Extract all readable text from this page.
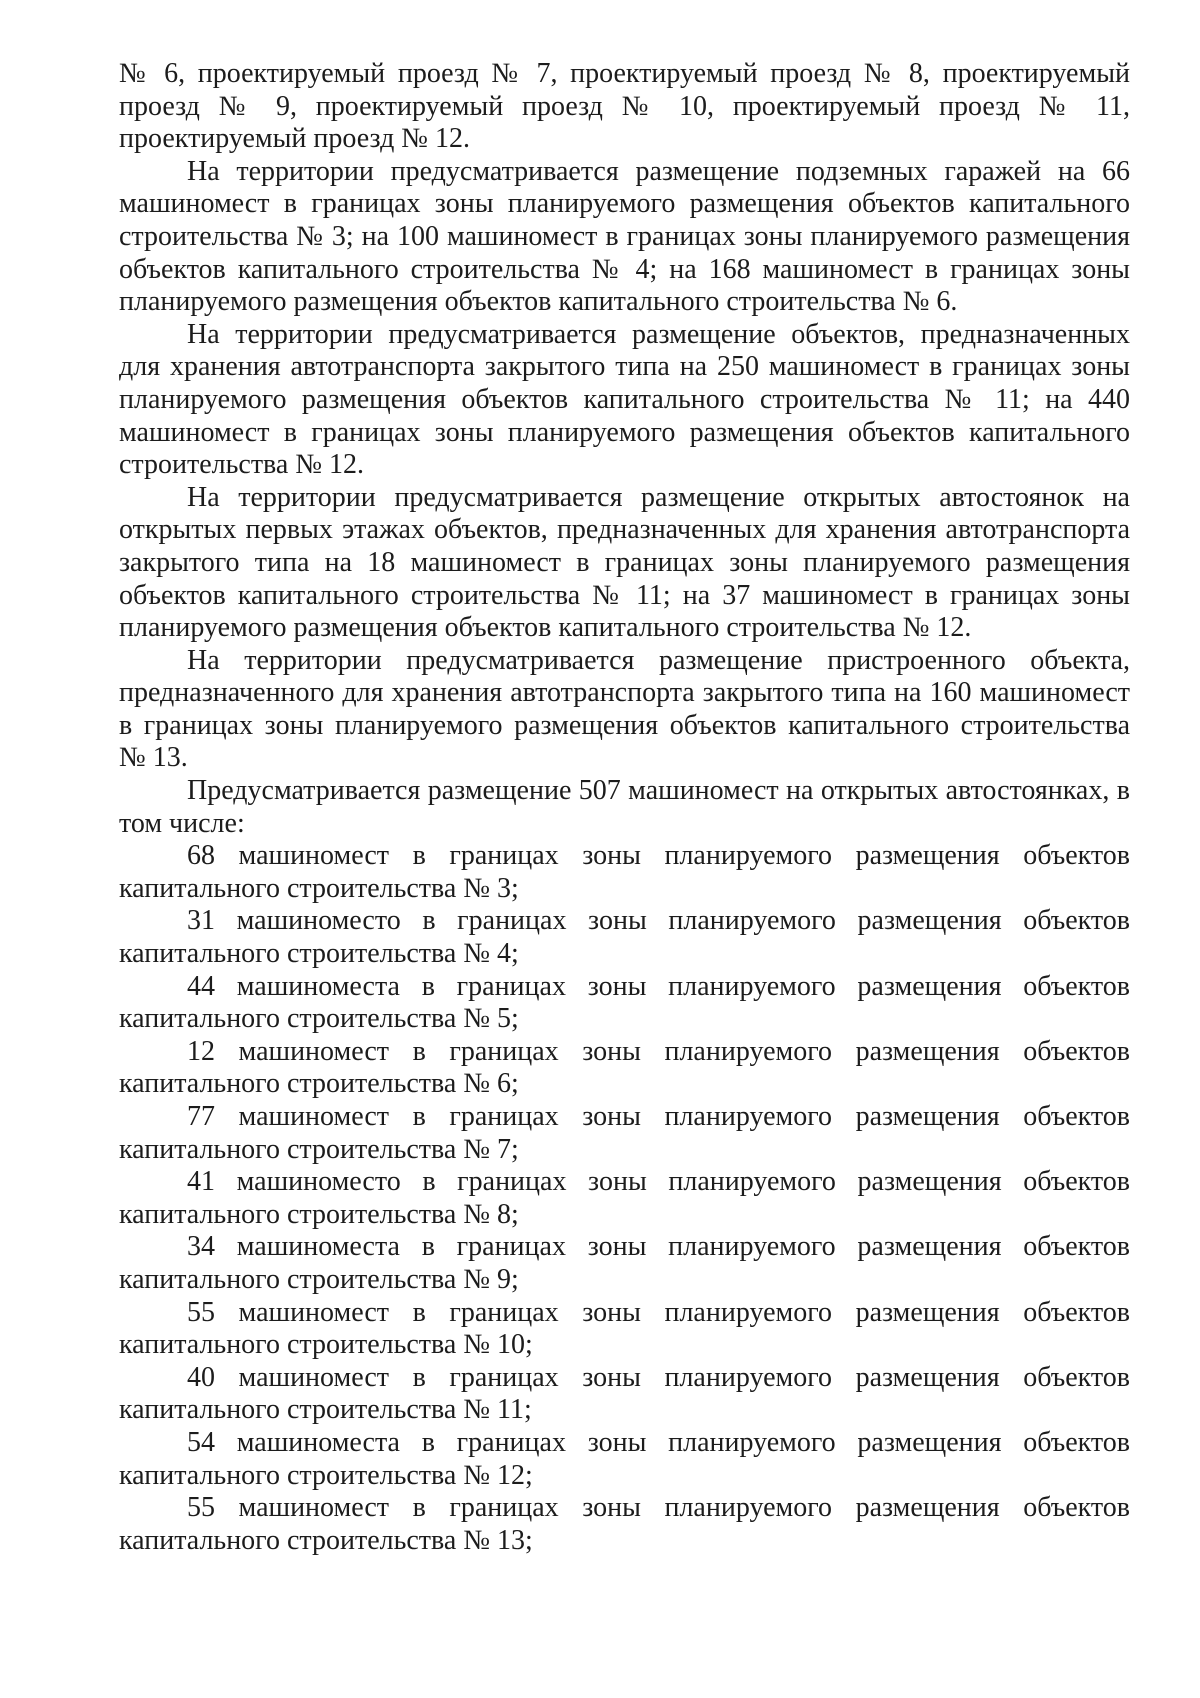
№ 6, проектируемый проезд № 7, проектируемый проезд № 8, проектируемый проезд № 9, проектируемый проезд № 10, проектируемый проезд № 11, проектируемый проезд № 12.

На территории предусматривается размещение подземных гаражей на 66 машиномест в границах зоны планируемого размещения объектов капитального строительства № 3; на 100 машиномест в границах зоны планируемого размещения объектов капитального строительства № 4; на 168 машиномест в границах зоны планируемого размещения объектов капитального строительства № 6.

На территории предусматривается размещение объектов, предназначенных для хранения автотранспорта закрытого типа на 250 машиномест в границах зоны планируемого размещения объектов капитального строительства № 11; на 440 машиномест в границах зоны планируемого размещения объектов капитального строительства № 12.

На территории предусматривается размещение открытых автостоянок на открытых первых этажах объектов, предназначенных для хранения автотранспорта закрытого типа на 18 машиномест в границах зоны планируемого размещения объектов капитального строительства № 11; на 37 машиномест в границах зоны планируемого размещения объектов капитального строительства № 12.

На территории предусматривается размещение пристроенного объекта, предназначенного для хранения автотранспорта закрытого типа на 160 машиномест в границах зоны планируемого размещения объектов капитального строительства № 13.

Предусматривается размещение 507 машиномест на открытых автостоянках, в том числе:

68 машиномест в границах зоны планируемого размещения объектов капитального строительства № 3;

31 машиноместо в границах зоны планируемого размещения объектов капитального строительства № 4;

44 машиноместа в границах зоны планируемого размещения объектов капитального строительства № 5;

12 машиномест в границах зоны планируемого размещения объектов капитального строительства № 6;

77 машиномест в границах зоны планируемого размещения объектов капитального строительства № 7;

41 машиноместо в границах зоны планируемого размещения объектов капитального строительства № 8;

34 машиноместа в границах зоны планируемого размещения объектов капитального строительства № 9;

55 машиномест в границах зоны планируемого размещения объектов капитального строительства № 10;

40 машиномест в границах зоны планируемого размещения объектов капитального строительства № 11;

54 машиноместа в границах зоны планируемого размещения объектов капитального строительства № 12;

55 машиномест в границах зоны планируемого размещения объектов капитального строительства № 13;
